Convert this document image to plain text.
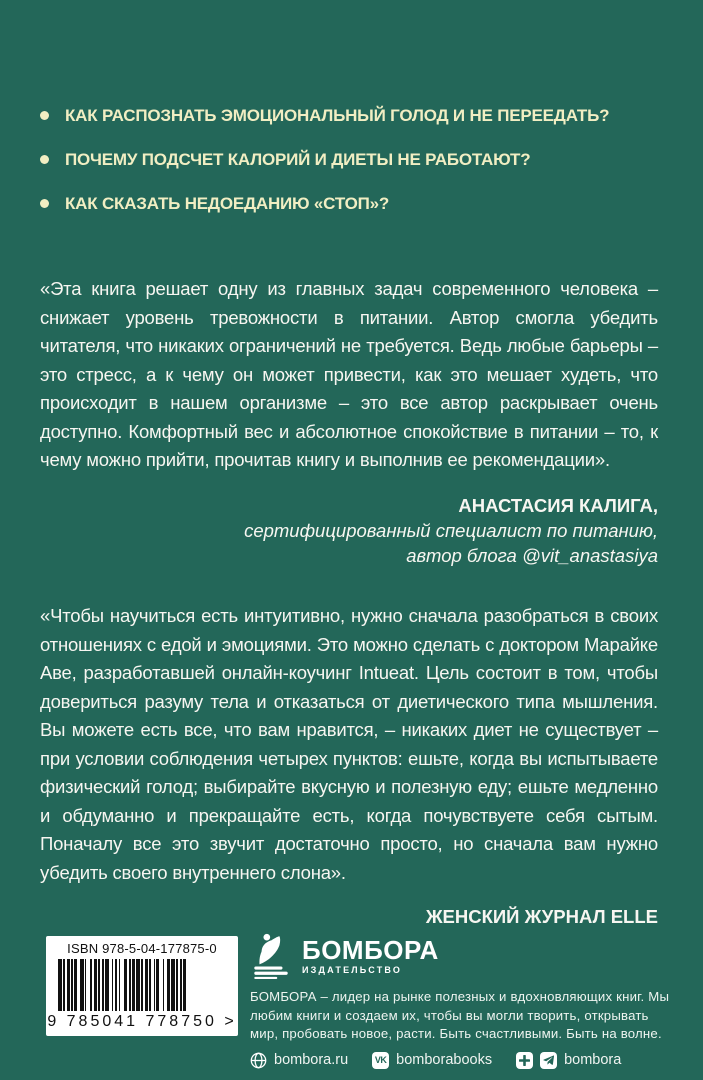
КАК РАСПОЗНАТЬ ЭМОЦИОНАЛЬНЫЙ ГОЛОД И НЕ ПЕРЕЕДАТЬ?
ПОЧЕМУ ПОДСЧЕТ КАЛОРИЙ И ДИЕТЫ НЕ РАБОТАЮТ?
КАК СКАЗАТЬ НЕДОЕДАНИЮ «СТОП»?

«Эта книга решает одну из главных задач современного человека – снижает уровень тревожности в питании. Автор смогла убедить читателя, что никаких ограничений не требуется. Ведь любые барьеры – это стресс, а к чему он может привести, как это мешает худеть, что происходит в нашем организме – это все автор раскрывает очень доступно. Комфортный вес и абсолютное спокойствие в питании – то, к чему можно прийти, прочитав книгу и выполнив ее рекомендации».

АНАСТАСИЯ КАЛИГА,
сертифицированный специалист по питанию,
автор блога @vit_anastasiya

«Чтобы научиться есть интуитивно, нужно сначала разобраться в своих отношениях с едой и эмоциями. Это можно сделать с доктором Марайке Аве, разработавшей онлайн-коучинг Intueat. Цель состоит в том, чтобы довериться разуму тела и отказаться от диетического типа мышления. Вы можете есть все, что вам нравится, – никаких диет не существует – при условии соблюдения четырех пунктов: ешьте, когда вы испытываете физический голод; выбирайте вкусную и полезную еду; ешьте медленно и обдуманно и прекращайте есть, когда почувствуете себя сытым. Поначалу все это звучит достаточно просто, но сначала вам нужно убедить своего внутреннего слона».

ЖЕНСКИЙ ЖУРНАЛ ELLE
ISBN 978-5-04-177875-0
9 785041 778750 >
БОМБОРА
ИЗДАТЕЛЬСТВО
БОМБОРА – лидер на рынке полезных и вдохновляющих книг. Мы любим книги и создаем их, чтобы вы могли творить, открывать мир, пробовать новое, расти. Быть счастливыми. Быть на волне.
bombora.ru	VK bomborabooks	bombora
